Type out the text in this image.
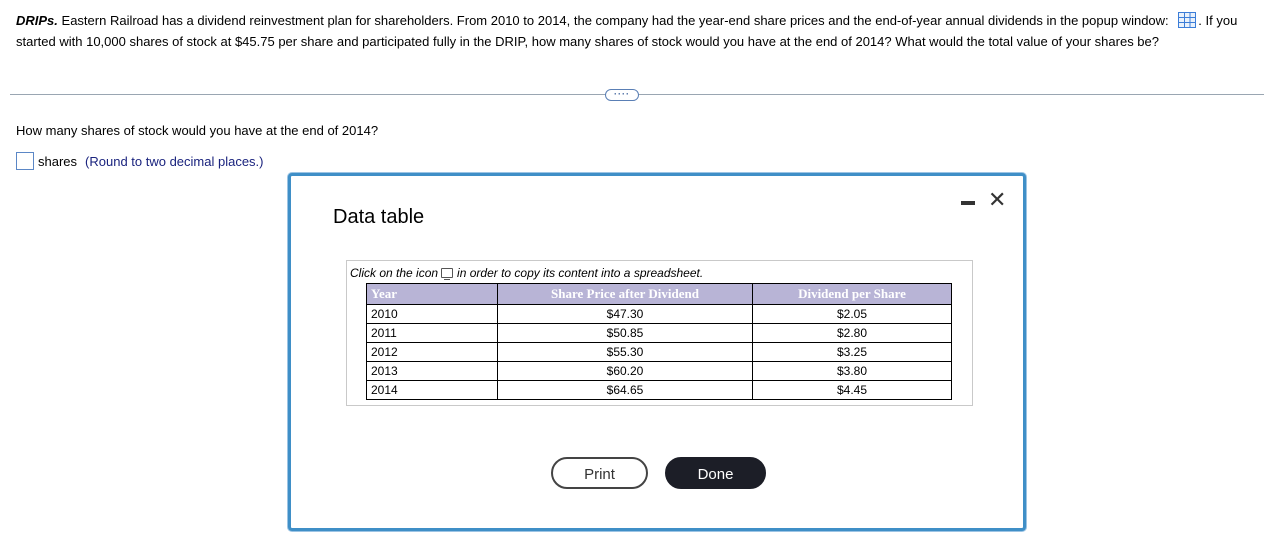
DRIPs. Eastern Railroad has a dividend reinvestment plan for shareholders. From 2010 to 2014, the company had the year-end share prices and the end-of-year annual dividends in the popup window: . If you started with 10,000 shares of stock at $45.75 per share and participated fully in the DRIP, how many shares of stock would you have at the end of 2014? What would the total value of your shares be?
····
How many shares of stock would you have at the end of 2014?
shares (Round to two decimal places.)
Data table
✕
Click on the icon in order to copy its content into a spreadsheet.
Year	Share Price after Dividend	Dividend per Share
2010	$47.30	$2.05
2011	$50.85	$2.80
2012	$55.30	$3.25
2013	$60.20	$3.80
2014	$64.65	$4.45
Print	Done
